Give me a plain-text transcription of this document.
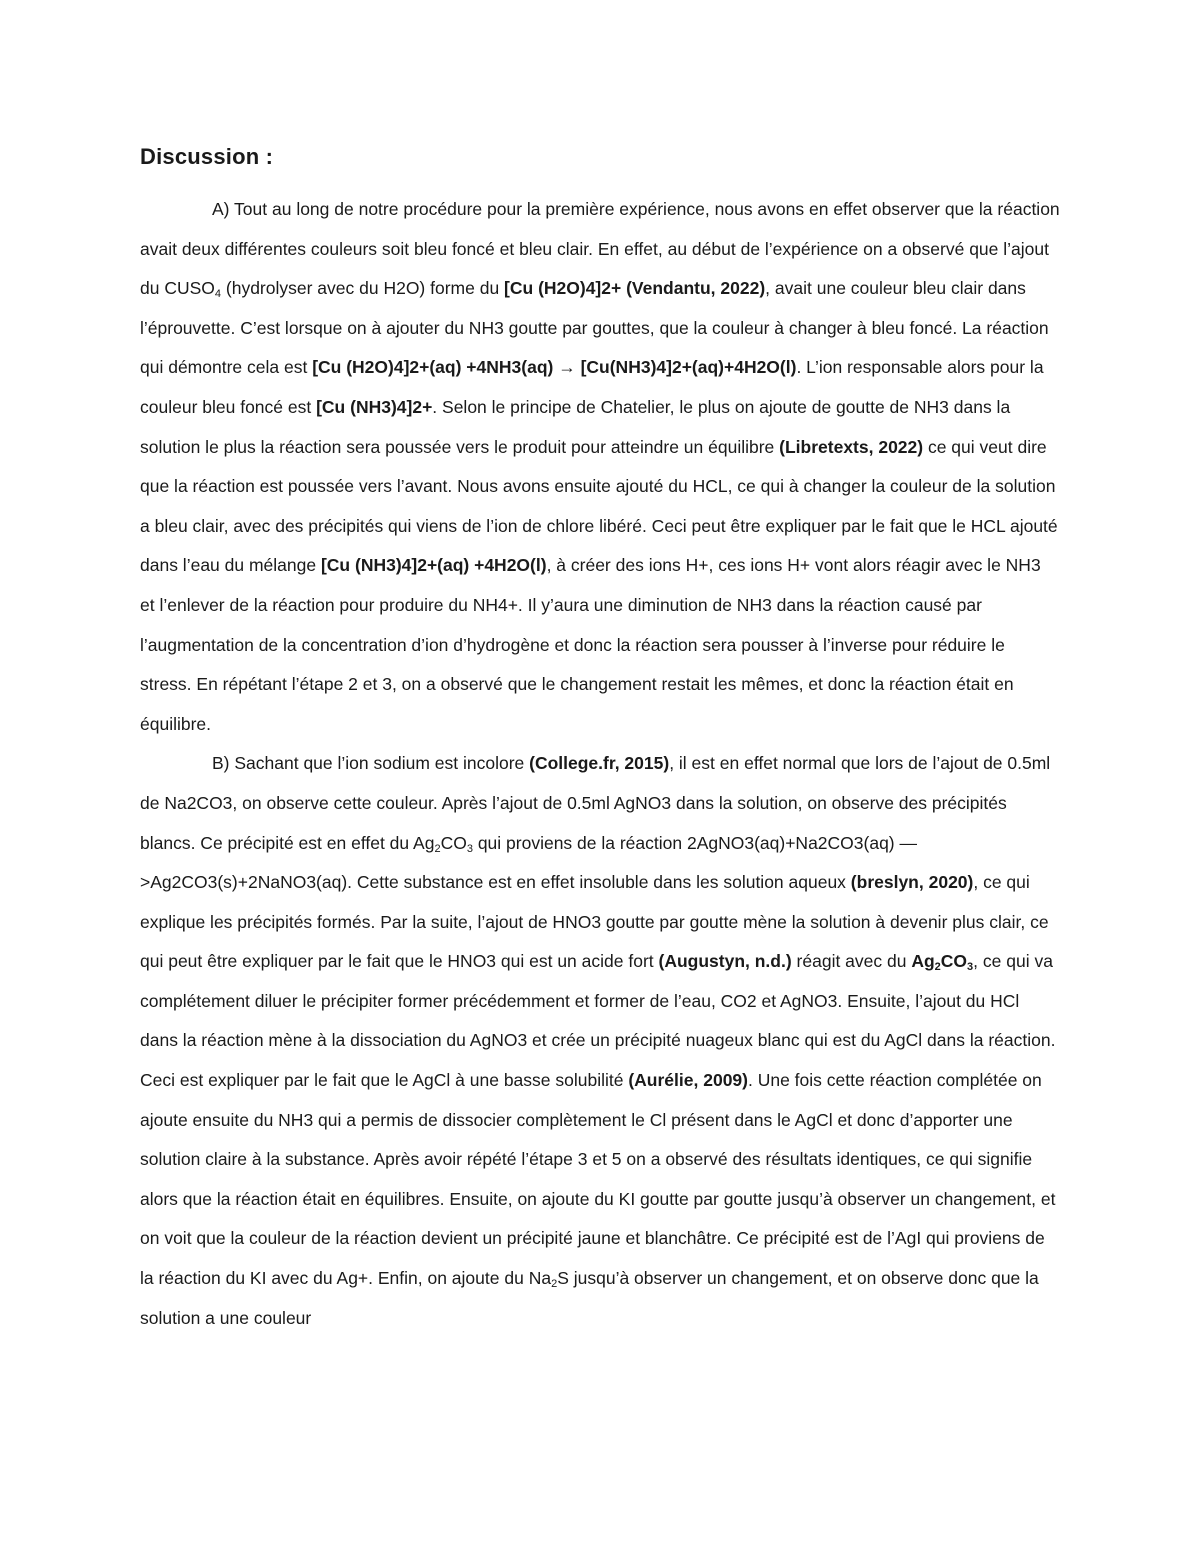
Discussion :

A) Tout au long de notre procédure pour la première expérience, nous avons en effet observer que la réaction avait deux différentes couleurs soit bleu foncé et bleu clair. En effet, au début de l’expérience on a observé que l’ajout du $CUSO_4$ (hydrolyser avec du H2O) forme du [Cu (H2O)4]2+ (Vendantu, 2022), avait une couleur bleu clair dans l’éprouvette. C’est lorsque on à ajouter du NH3 goutte par gouttes, que la couleur à changer à bleu foncé. La réaction qui démontre cela est [Cu (H2O)4]2+(aq) +4NH3(aq) → [Cu(NH3)4]2+(aq)+4H2O(l). L’ion responsable alors pour la couleur bleu foncé est [Cu (NH3)4]2+. Selon le principe de Chatelier, le plus on ajoute de goutte de NH3 dans la solution le plus la réaction sera poussée vers le produit pour atteindre un équilibre (Libretexts, 2022) ce qui veut dire que la réaction est poussée vers l’avant. Nous avons ensuite ajouté du HCL, ce qui à changer la couleur de la solution a bleu clair, avec des précipités qui viens de l’ion de chlore libéré. Ceci peut être expliquer par le fait que le HCL ajouté dans l’eau du mélange [Cu (NH3)4]2+(aq) +4H2O(l), à créer des ions H+, ces ions H+ vont alors réagir avec le NH3 et l’enlever de la réaction pour produire du NH4+. Il y’aura une diminution de NH3 dans la réaction causé par l’augmentation de la concentration d’ion d’hydrogène et donc la réaction sera pousser à l’inverse pour réduire le stress. En répétant l’étape 2 et 3, on a observé que le changement restait les mêmes, et donc la réaction était en équilibre.

B) Sachant que l’ion sodium est incolore (College.fr, 2015), il est en effet normal que lors de l’ajout de 0.5ml de Na2CO3, on observe cette couleur. Après l’ajout de 0.5ml AgNO3 dans la solution, on observe des précipités blancs. Ce précipité est en effet du $Ag_2CO_3$ qui proviens de la réaction 2AgNO3(aq)+Na2CO3(aq) —>Ag2CO3(s)+2NaNO3(aq). Cette substance est en effet insoluble dans les solution aqueux (breslyn, 2020), ce qui explique les précipités formés. Par la suite, l’ajout de HNO3 goutte par goutte mène la solution à devenir plus clair, ce qui peut être expliquer par le fait que le HNO3 qui est un acide fort (Augustyn, n.d.) réagit avec du $Ag_2CO_3$, ce qui va complétement diluer le précipiter former précédemment et former de l’eau, CO2 et AgNO3. Ensuite, l’ajout du HCl dans la réaction mène à la dissociation du AgNO3 et crée un précipité nuageux blanc qui est du AgCl dans la réaction. Ceci est expliquer par le fait que le AgCl à une basse solubilité (Aurélie, 2009). Une fois cette réaction complétée on ajoute ensuite du NH3 qui a permis de dissocier complètement le Cl présent dans le AgCl et donc d’apporter une solution claire à la substance. Après avoir répété l’étape 3 et 5 on a observé des résultats identiques, ce qui signifie alors que la réaction était en équilibres. Ensuite, on ajoute du KI goutte par goutte jusqu’à observer un changement, et on voit que la couleur de la réaction devient un précipité jaune et blanchâtre. Ce précipité est de l’AgI qui proviens de la réaction du KI avec du Ag+. Enfin, on ajoute du $Na_2S$ jusqu’à observer un changement, et on observe donc que la solution a une couleur
